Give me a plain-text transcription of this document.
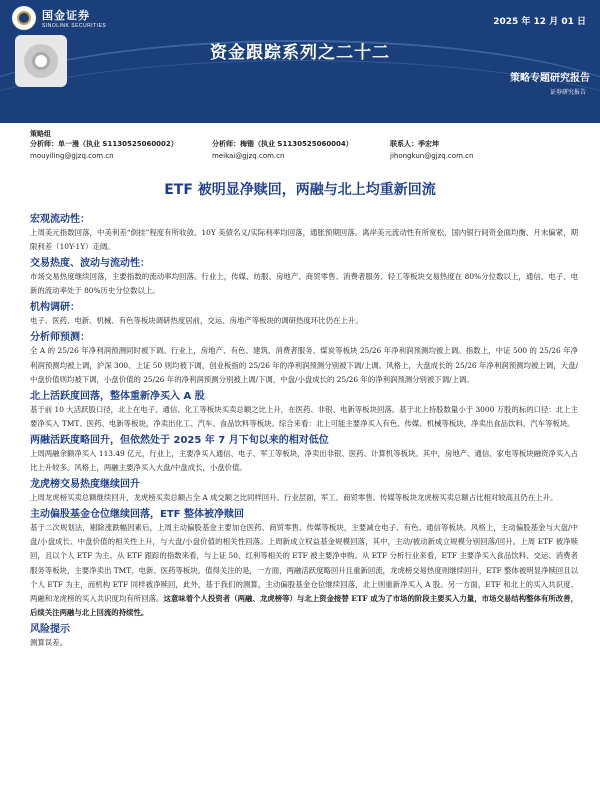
国金证券
SINOLINK SECURITIES	2025 年 12 月 01 日
资金跟踪系列之二十二
策略专题研究报告
证券研究报告
策略组
分析师：单一漫（执业 S1130525060002）
mouyiling@gjzq.com.cn
分析师：梅锴（执业 S1130525060004）
meikai@gjzq.com.cn
联系人：季宏坤
jihongkun@gjzq.com.cn
ETF 被明显净赎回，两融与北上均重新回流
宏观流动性：
上周美元指数回落，中美利差“倒挂”程度有所收敛。10Y 美债名义/实际利率均回落，通胀预期回落。离岸美元流动性有所宽松，国内银行间资金面均衡、月末偏紧，期限利差（10Y-1Y）走阔。
交易热度、波动与流动性：
市场交易热度继续回落，主要指数的流动率均回落。行业上，传媒、纺服、房地产、商贸零售、消费者服务、轻工等板块交易热度在 80%分位数以上，通信、电子、电新的流动率处于 80%历史分位数以上。
机构调研：
电子、医药、电新、机械、有色等板块调研热度居前，交运、房地产等板块的调研热度环比仍在上升。
分析师预测：
全 A 的 25/26 年净利润预测同时被下调。行业上，房地产、有色、建筑、消费者服务、煤炭等板块 25/26 年净利润预测均被上调。指数上，中证 500 的 25/26 年净利润预测均被上调，沪深 300、上证 50 则均被下调，创业板指的 25/26 年的净利润预测分别被下调/上调。风格上，大盘成长的 25/26 年净利润预测均被上调，大盘/中盘价值则均被下调，小盘价值的 25/26 年的净利润预测分别被上调/下调，中盘/小盘成长的 25/26 年的净利润预测分别被下调/上调。
北上活跃度回落，整体重新净买入 A 股
基于前 10 大活跃股口径，北上在电子、通信、化工等板块买卖总额之比上升，在医药、非银、电新等板块回落。基于北上持股数量小于 3000 万股的标的口径：北上主要净买入 TMT、医药、电新等板块，净卖出化工、汽车、食品饮料等板块。综合来看：北上可能主要净买入有色、传媒、机械等板块，净卖出食品饮料、汽车等板块。
两融活跃度略回升，但依然处于 2025 年 7 月下旬以来的相对低位
上周两融余额净买入 113.49 亿元，行业上，主要净买入通信、电子、军工等板块，净卖出非银、医药、计算机等板块。其中，房地产、通信、家电等板块融资净买入占比上升较多。风格上，两融主要净买入大盘/中盘成长，小盘价值。
龙虎榜交易热度继续回升
上周龙虎榜买卖总额继续回升，龙虎榜买卖总额占全 A 成交额之比同样回升。行业层面，军工、商贸零售、传媒等板块龙虎榜买卖总额占比相对较高且仍在上升。
主动偏股基金仓位继续回落，ETF 整体被净赎回
基于二次规划法，剔除涨跌幅因素后，上周主动偏股基金主要加仓医药、商贸零售、传媒等板块，主要减仓电子、有色、通信等板块。风格上，主动偏股基金与大盘/中盘/小盘成长、中盘价值的相关性上升，与大盘/小盘价值的相关性回落。上周新成立权益基金规模回落，其中，主动/被动新成立规模分别回落/回升。上周 ETF 被净赎回，且以个人 ETF 为主。从 ETF 跟踪的指数来看，与上证 50、红利等相关的 ETF 被主要净申购。从 ETF 分析行业来看，ETF 主要净买入食品饮料、交运、消费者服务等板块，主要净卖出 TMT、电新、医药等板块。值得关注的是，一方面，两融活跃度略回升且重新回流，龙虎榜交易热度则继续回升，ETF 整体被明显净赎回且以个人 ETF 为主，而机构 ETF 同样被净赎回，此外，基于我们的测算，主动偏股基金仓位继续回落，北上则重新净买入 A 股。另一方面，ETF 和北上的买入共识度、两融和龙虎榜的买入共识度均有所回落。这意味着个人投资者（两融、龙虎榜等）与北上资金接替 ETF 成为了市场的阶段主要买入力量，市场交易结构整体有所改善，后续关注两融与北上回流的持续性。
风险提示
测算误差。
